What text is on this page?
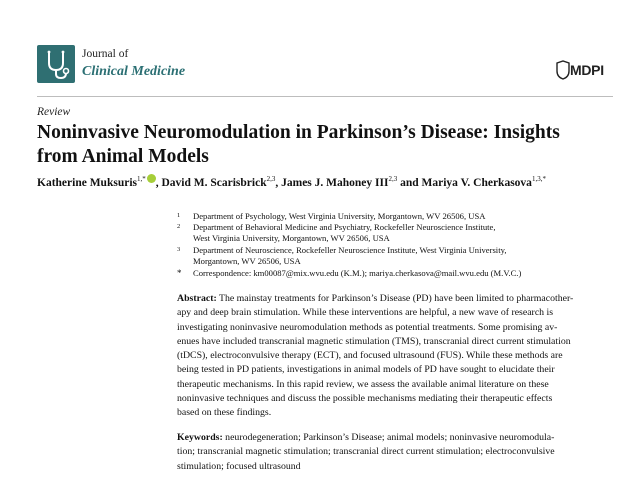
Journal of
Clinical Medicine	MDPI
Review
Noninvasive Neuromodulation in Parkinson’s Disease: Insights
from Animal Models
Katherine Muksuris$^{1,*}$ , David M. Scarisbrick$^{2,3}$, James J. Mahoney III$^{2,3}$ and Mariya V. Cherkasova$^{1,3,*}$
1 Department of Psychology, West Virginia University, Morgantown, WV 26506, USA
2 Department of Behavioral Medicine and Psychiatry, Rockefeller Neuroscience Institute,
West Virginia University, Morgantown, WV 26506, USA
3 Department of Neuroscience, Rockefeller Neuroscience Institute, West Virginia University,
Morgantown, WV 26506, USA
* Correspondence: km00087@mix.wvu.edu (K.M.); mariya.cherkasova@mail.wvu.edu (M.V.C.)
Abstract: The mainstay treatments for Parkinson’s Disease (PD) have been limited to pharmacother-
apy and deep brain stimulation. While these interventions are helpful, a new wave of research is
investigating noninvasive neuromodulation methods as potential treatments. Some promising av-
enues have included transcranial magnetic stimulation (TMS), transcranial direct current stimulation
(tDCS), electroconvulsive therapy (ECT), and focused ultrasound (FUS). While these methods are
being tested in PD patients, investigations in animal models of PD have sought to elucidate their
therapeutic mechanisms. In this rapid review, we assess the available animal literature on these
noninvasive techniques and discuss the possible mechanisms mediating their therapeutic effects
based on these findings.
Keywords: neurodegeneration; Parkinson’s Disease; animal models; noninvasive neuromodula-
tion; transcranial magnetic stimulation; transcranial direct current stimulation; electroconvulsive
stimulation; focused ultrasound
